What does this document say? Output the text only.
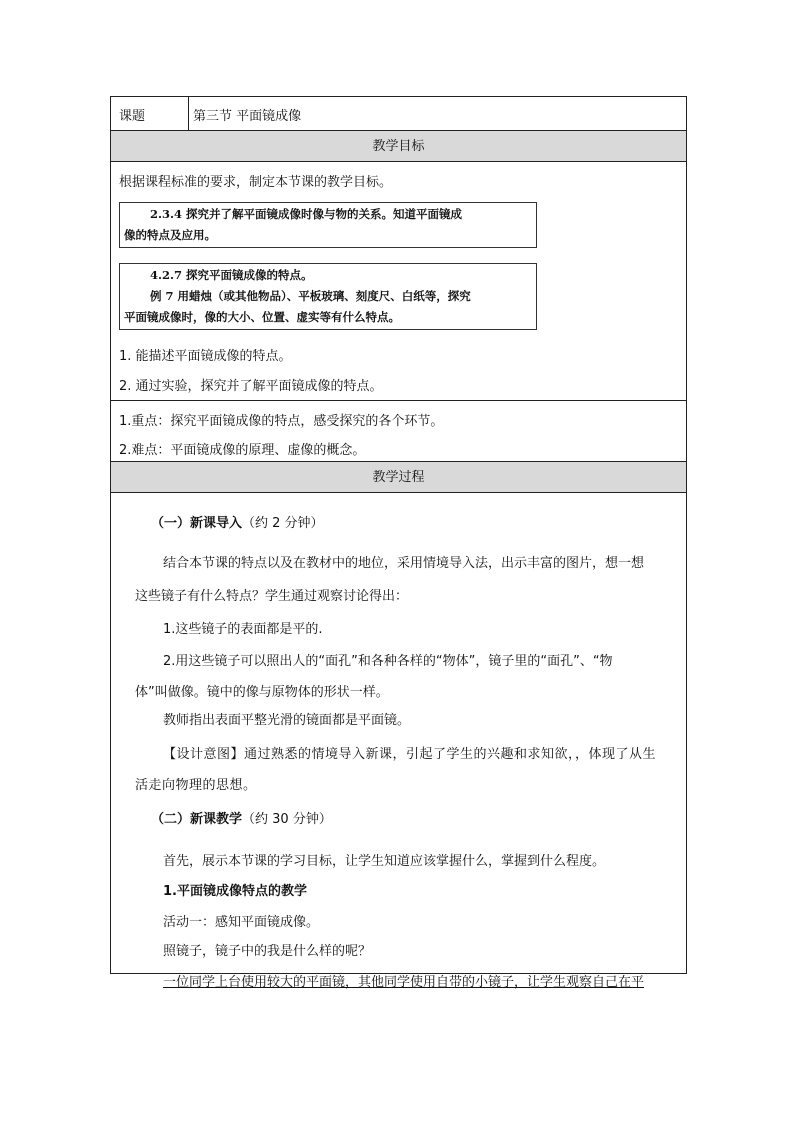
课题	第三节 平面镜成像
教学目标

根据课程标准的要求，制定本节课的教学目标。

2.3.4 探究并了解平面镜成像时像与物的关系。知道平面镜成
像的特点及应用。
4.2.7 探究平面镜成像的特点。
例 7 用蜡烛（或其他物品）、平板玻璃、刻度尺、白纸等，探究
平面镜成像时，像的大小、位置、虚实等有什么特点。

1. 能描述平面镜成像的特点。

2. 通过实验，探究并了解平面镜成像的特点。

1.重点：探究平面镜成像的特点，感受探究的各个环节。

2.难点：平面镜成像的原理、虚像的概念。

教学过程

（一）新课导入（约 2 分钟）

结合本节课的特点以及在教材中的地位，采用情境导入法，出示丰富的图片，想一想

这些镜子有什么特点？学生通过观察讨论得出：

1.这些镜子的表面都是平的.

2.用这些镜子可以照出人的“面孔”和各种各样的“物体”，镜子里的“面孔”、“物

体”叫做像。镜中的像与原物体的形状一样。

教师指出表面平整光滑的镜面都是平面镜。

【设计意图】通过熟悉的情境导入新课，引起了学生的兴趣和求知欲，，体现了从生

活走向物理的思想。

（二）新课教学（约 30 分钟）

首先，展示本节课的学习目标，让学生知道应该掌握什么，掌握到什么程度。

1.平面镜成像特点的教学

活动一：感知平面镜成像。

照镜子，镜子中的我是什么样的呢？

一位同学上台使用较大的平面镜，其他同学使用自带的小镜子，让学生观察自己在平
